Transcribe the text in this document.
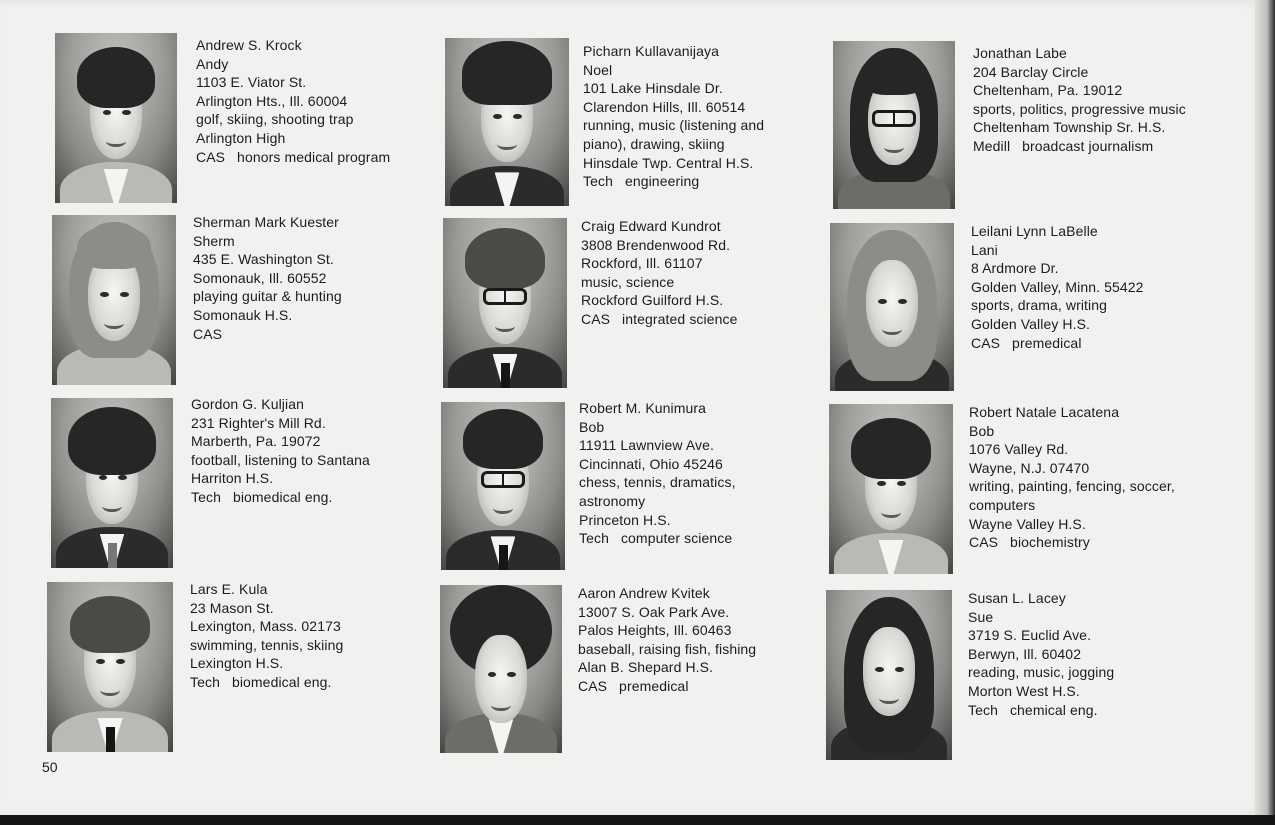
Andrew S. Krock
Andy
1103 E. Viator St.
Arlington Hts., Ill. 60004
golf, skiing, shooting trap
Arlington High
CAS   honors medical program
Sherman Mark Kuester
Sherm
435 E. Washington St.
Somonauk, Ill. 60552
playing guitar & hunting
Somonauk H.S.
CAS
Gordon G. Kuljian
231 Righter's Mill Rd.
Marberth, Pa. 19072
football, listening to Santana
Harriton H.S.
Tech   biomedical eng.
Lars E. Kula
23 Mason St.
Lexington, Mass. 02173
swimming, tennis, skiing
Lexington H.S.
Tech   biomedical eng.
Picharn Kullavanijaya
Noel
101 Lake Hinsdale Dr.
Clarendon Hills, Ill. 60514
running, music (listening and
piano), drawing, skiing
Hinsdale Twp. Central H.S.
Tech   engineering
Craig Edward Kundrot
3808 Brendenwood Rd.
Rockford, Ill. 61107
music, science
Rockford Guilford H.S.
CAS   integrated science
Robert M. Kunimura
Bob
11911 Lawnview Ave.
Cincinnati, Ohio 45246
chess, tennis, dramatics,
astronomy
Princeton H.S.
Tech   computer science
Aaron Andrew Kvitek
13007 S. Oak Park Ave.
Palos Heights, Ill. 60463
baseball, raising fish, fishing
Alan B. Shepard H.S.
CAS   premedical
Jonathan Labe
204 Barclay Circle
Cheltenham, Pa. 19012
sports, politics, progressive music
Cheltenham Township Sr. H.S.
Medill   broadcast journalism
Leilani Lynn LaBelle
Lani
8 Ardmore Dr.
Golden Valley, Minn. 55422
sports, drama, writing
Golden Valley H.S.
CAS   premedical
Robert Natale Lacatena
Bob
1076 Valley Rd.
Wayne, N.J. 07470
writing, painting, fencing, soccer,
computers
Wayne Valley H.S.
CAS   biochemistry
Susan L. Lacey
Sue
3719 S. Euclid Ave.
Berwyn, Ill. 60402
reading, music, jogging
Morton West H.S.
Tech   chemical eng.
50
